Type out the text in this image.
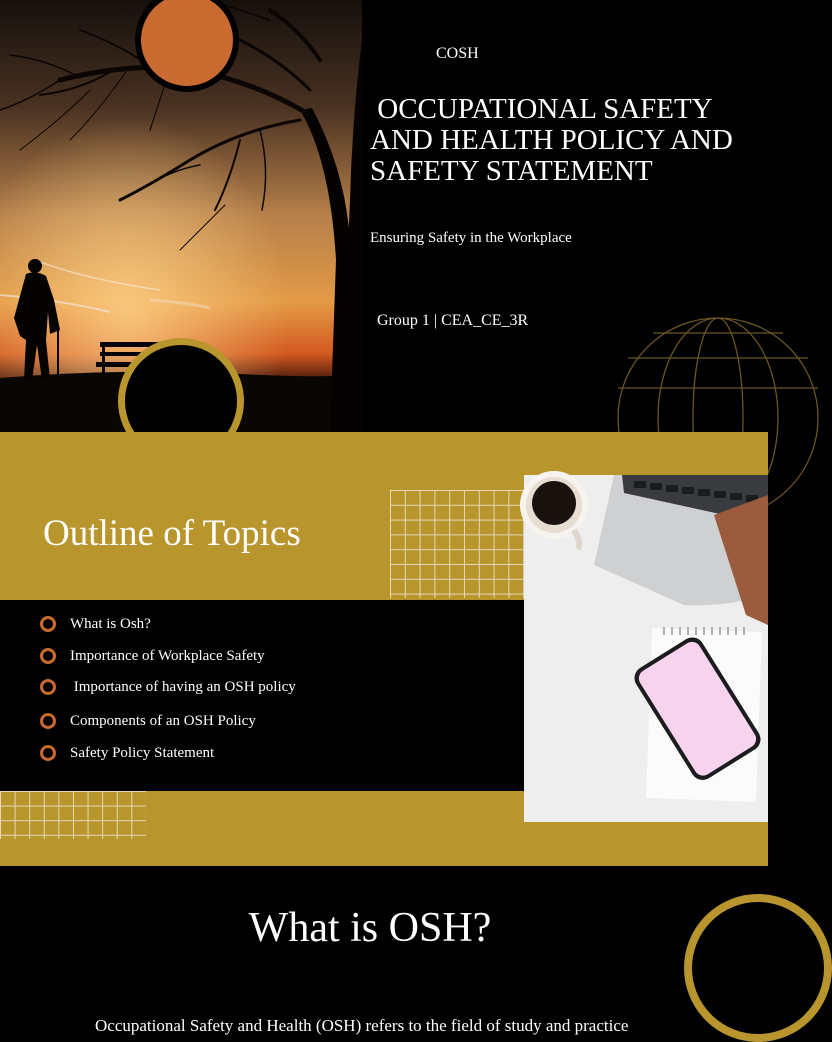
COSH
OCCUPATIONAL SAFETY AND HEALTH POLICY AND SAFETY STATEMENT
Ensuring Safety in the Workplace
Group 1 | CEA_CE_3R
Outline of Topics
What is Osh?
Importance of Workplace Safety
Importance of having an OSH policy
Components of an OSH Policy
Safety Policy Statement
What is OSH?
Occupational Safety and Health (OSH) refers to the field of study and practice
